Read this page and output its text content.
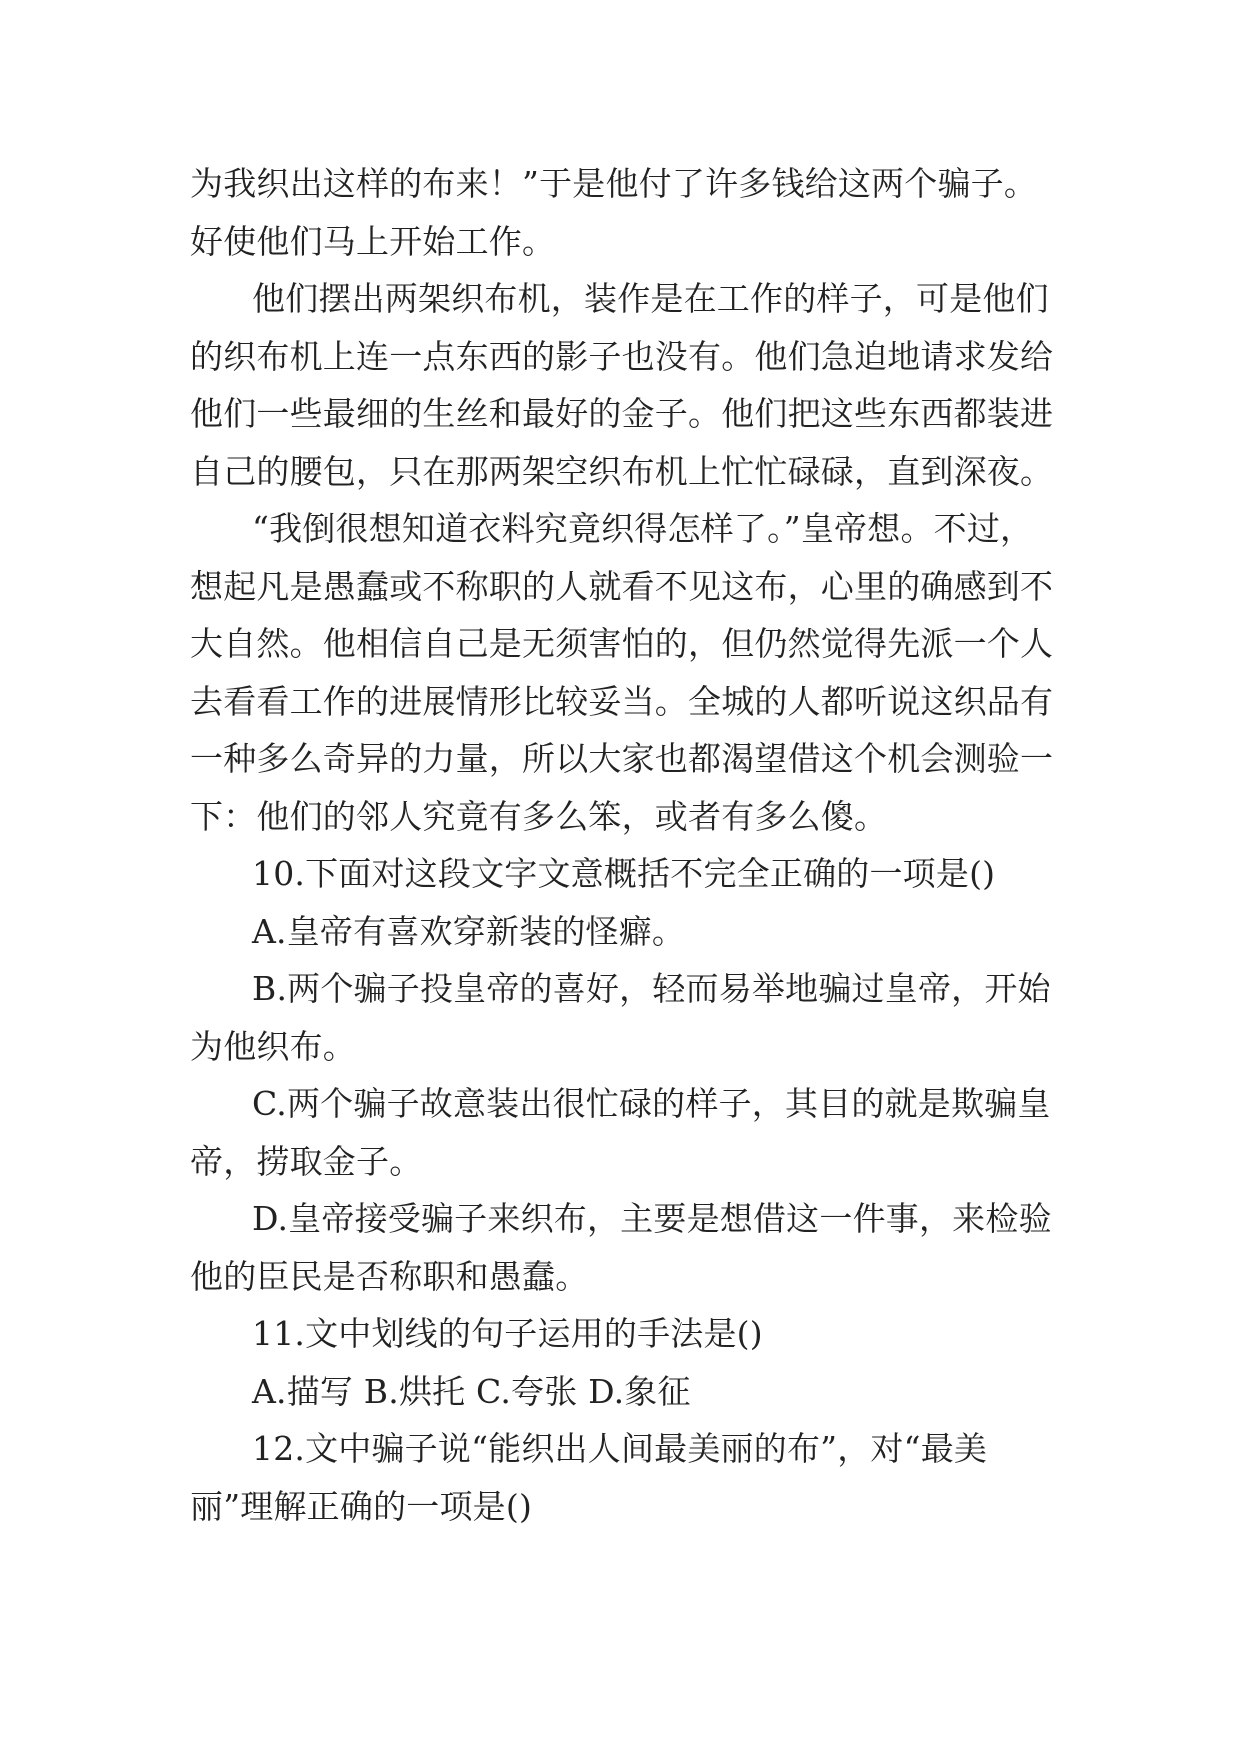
为我织出这样的布来！”于是他付了许多钱给这两个骗子。好使他们马上开始工作。

他们摆出两架织布机，装作是在工作的样子，可是他们的织布机上连一点东西的影子也没有。他们急迫地请求发给他们一些最细的生丝和最好的金子。他们把这些东西都装进自己的腰包，只在那两架空织布机上忙忙碌碌，直到深夜。

“我倒很想知道衣料究竟织得怎样了。”皇帝想。不过，想起凡是愚蠢或不称职的人就看不见这布，心里的确感到不大自然。他相信自己是无须害怕的，但仍然觉得先派一个人去看看工作的进展情形比较妥当。全城的人都听说这织品有一种多么奇异的力量，所以大家也都渴望借这个机会测验一下：他们的邻人究竟有多么笨，或者有多么傻。

10.下面对这段文字文意概括不完全正确的一项是()

A.皇帝有喜欢穿新装的怪癖。

B.两个骗子投皇帝的喜好，轻而易举地骗过皇帝，开始为他织布。

C.两个骗子故意装出很忙碌的样子，其目的就是欺骗皇帝，捞取金子。

D.皇帝接受骗子来织布，主要是想借这一件事，来检验他的臣民是否称职和愚蠢。

11.文中划线的句子运用的手法是()

A.描写 B.烘托 C.夸张 D.象征

12.文中骗子说“能织出人间最美丽的布”，对“最美丽”理解正确的一项是()
